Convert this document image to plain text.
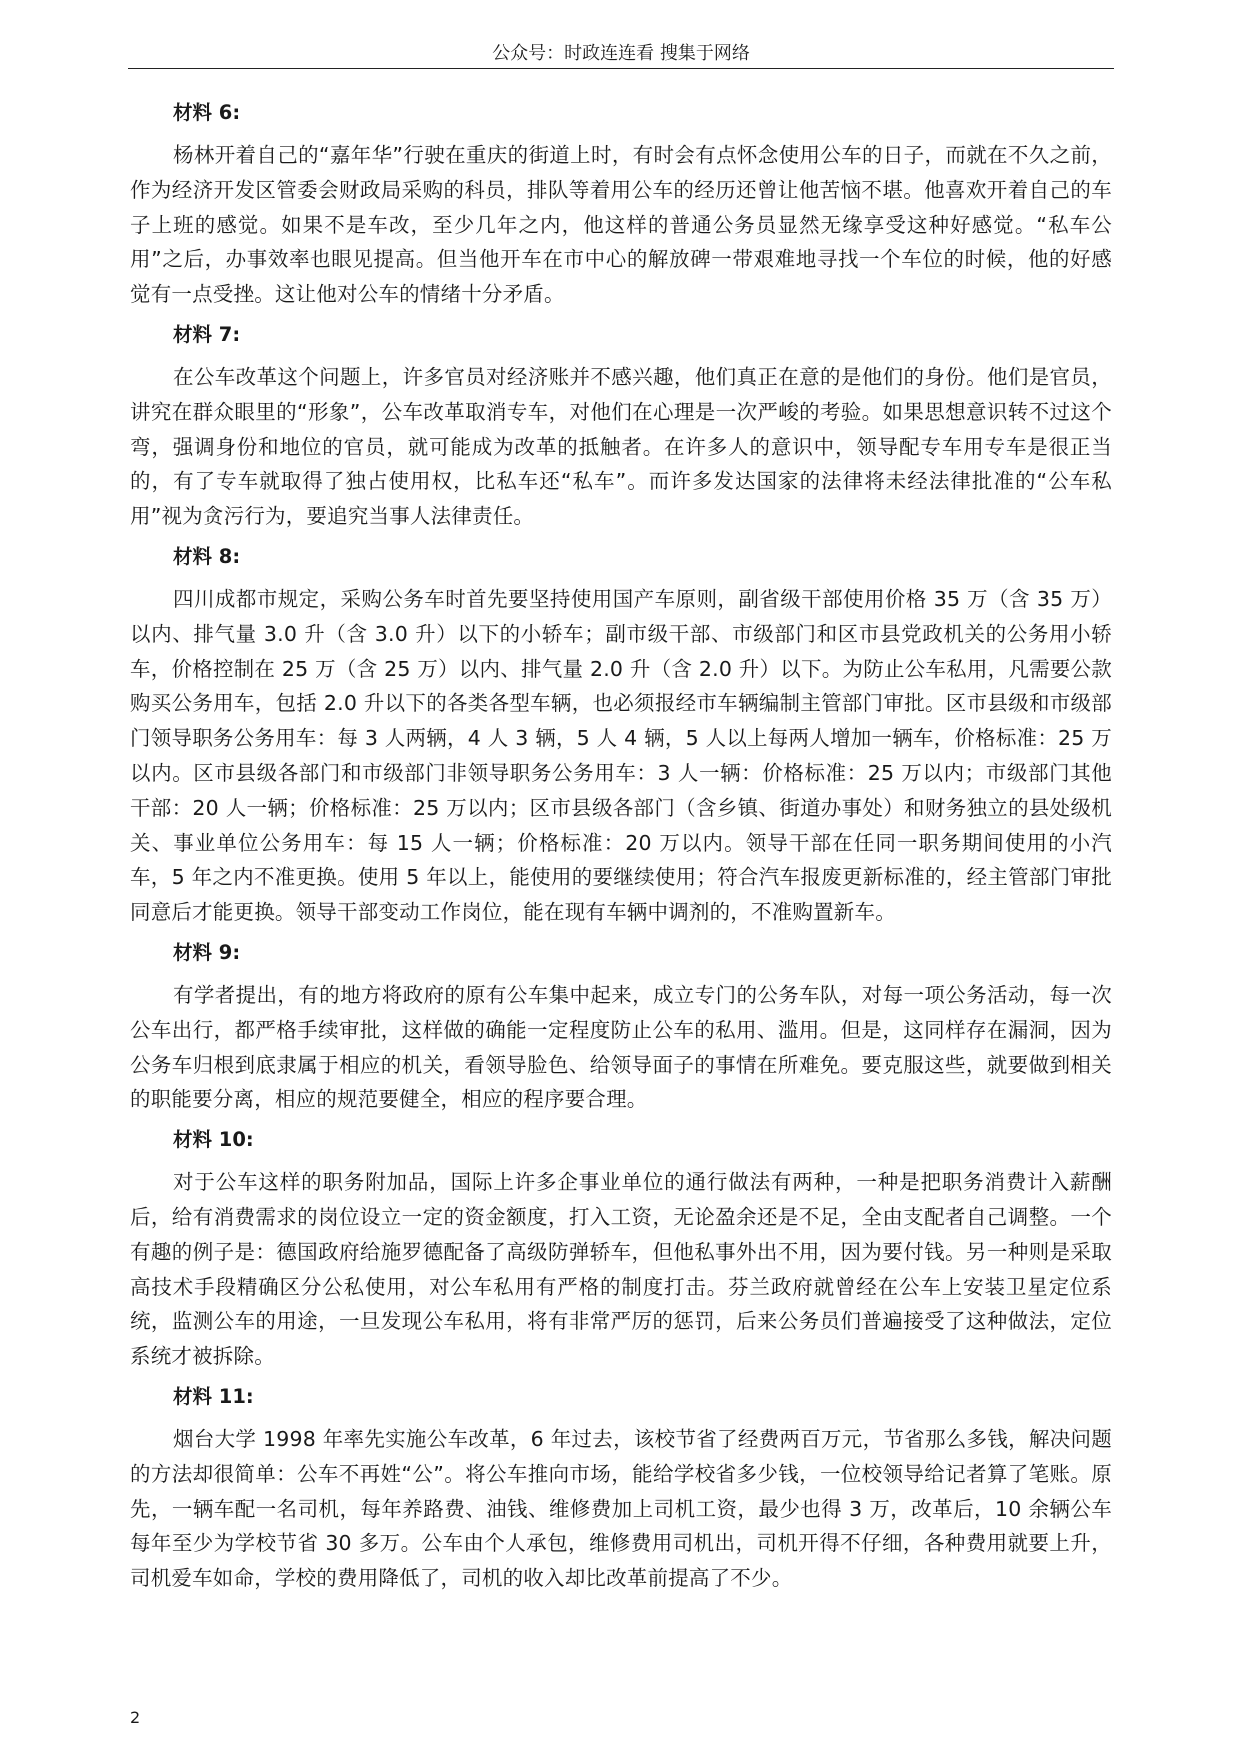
公众号：时政连连看 搜集于网络
材料 6:

杨林开着自己的“嘉年华”行驶在重庆的街道上时，有时会有点怀念使用公车的日子，而就在不久之前，作为经济开发区管委会财政局采购的科员，排队等着用公车的经历还曾让他苦恼不堪。他喜欢开着自己的车子上班的感觉。如果不是车改，至少几年之内，他这样的普通公务员显然无缘享受这种好感觉。“私车公用”之后，办事效率也眼见提高。但当他开车在市中心的解放碑一带艰难地寻找一个车位的时候，他的好感觉有一点受挫。这让他对公车的情绪十分矛盾。

材料 7:

在公车改革这个问题上，许多官员对经济账并不感兴趣，他们真正在意的是他们的身份。他们是官员，讲究在群众眼里的“形象”，公车改革取消专车，对他们在心理是一次严峻的考验。如果思想意识转不过这个弯，强调身份和地位的官员，就可能成为改革的抵触者。在许多人的意识中，领导配专车用专车是很正当的，有了专车就取得了独占使用权，比私车还“私车”。而许多发达国家的法律将未经法律批准的“公车私用”视为贪污行为，要追究当事人法律责任。

材料 8:

四川成都市规定，采购公务车时首先要坚持使用国产车原则，副省级干部使用价格 35 万（含 35 万）以内、排气量 3.0 升（含 3.0 升）以下的小轿车；副市级干部、市级部门和区市县党政机关的公务用小轿车，价格控制在 25 万（含 25 万）以内、排气量 2.0 升（含 2.0 升）以下。为防止公车私用，凡需要公款购买公务用车，包括 2.0 升以下的各类各型车辆，也必须报经市车辆编制主管部门审批。区市县级和市级部门领导职务公务用车：每 3 人两辆，4 人 3 辆，5 人 4 辆，5 人以上每两人增加一辆车，价格标准：25 万以内。区市县级各部门和市级部门非领导职务公务用车：3 人一辆：价格标准：25 万以内；市级部门其他干部：20 人一辆；价格标准：25 万以内；区市县级各部门（含乡镇、街道办事处）和财务独立的县处级机关、事业单位公务用车：每 15 人一辆；价格标准：20 万以内。领导干部在任同一职务期间使用的小汽车，5 年之内不准更换。使用 5 年以上，能使用的要继续使用；符合汽车报废更新标准的，经主管部门审批同意后才能更换。领导干部变动工作岗位，能在现有车辆中调剂的，不准购置新车。

材料 9:

有学者提出，有的地方将政府的原有公车集中起来，成立专门的公务车队，对每一项公务活动，每一次公车出行，都严格手续审批，这样做的确能一定程度防止公车的私用、滥用。但是，这同样存在漏洞，因为公务车归根到底隶属于相应的机关，看领导脸色、给领导面子的事情在所难免。要克服这些，就要做到相关的职能要分离，相应的规范要健全，相应的程序要合理。

材料 10:

对于公车这样的职务附加品，国际上许多企事业单位的通行做法有两种，一种是把职务消费计入薪酬后，给有消费需求的岗位设立一定的资金额度，打入工资，无论盈余还是不足，全由支配者自己调整。一个有趣的例子是：德国政府给施罗德配备了高级防弹轿车，但他私事外出不用，因为要付钱。另一种则是采取高技术手段精确区分公私使用，对公车私用有严格的制度打击。芬兰政府就曾经在公车上安装卫星定位系统，监测公车的用途，一旦发现公车私用，将有非常严厉的惩罚，后来公务员们普遍接受了这种做法，定位系统才被拆除。

材料 11:

烟台大学 1998 年率先实施公车改革，6 年过去，该校节省了经费两百万元，节省那么多钱，解决问题的方法却很简单：公车不再姓“公”。将公车推向市场，能给学校省多少钱，一位校领导给记者算了笔账。原先，一辆车配一名司机，每年养路费、油钱、维修费加上司机工资，最少也得 3 万，改革后，10 余辆公车每年至少为学校节省 30 多万。公车由个人承包，维修费用司机出，司机开得不仔细，各种费用就要上升，司机爱车如命，学校的费用降低了，司机的收入却比改革前提高了不少。

2
